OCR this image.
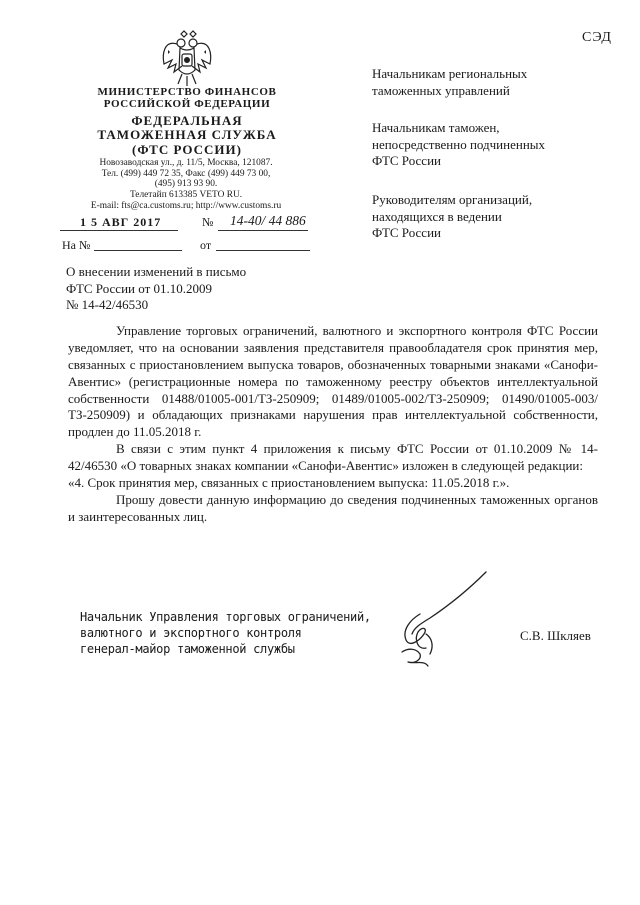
СЭД
МИНИСТЕРСТВО ФИНАНСОВ
РОССИЙСКОЙ ФЕДЕРАЦИИ
ФЕДЕРАЛЬНАЯ
ТАМОЖЕННАЯ СЛУЖБА
(ФТС РОССИИ)
Новозаводская ул., д. 11/5, Москва, 121087.
Тел. (499) 449 72 35, Факс (499) 449 73 00,
(495) 913 93 90.
Телетайп 613385 VETO RU.
E-mail: fts@ca.customs.ru; http://www.customs.ru
1 5 АВГ 2017	№ 14-40/ 44 886
На №	от
Начальникам региональных
таможенных управлений
Начальникам таможен,
непосредственно подчиненных
ФТС России
Руководителям организаций,
находящихся в ведении
ФТС России
О внесении изменений в письмо
ФТС России от 01.10.2009
№ 14-42/46530

Управление торговых ограничений, валютного и экспортного контроля ФТС России уведомляет, что на основании заявления представителя правообладателя срок принятия мер, связанных с приостановлением выпуска товаров, обозначенных товарными знаками «Санофи-Авентис» (регистрационные номера по таможенному реестру объектов интеллектуальной собственности 01488/01005-001/ТЗ-250909; 01489/01005-002/ТЗ-250909; 01490/01005-003/ТЗ-250909) и обладающих признаками нарушения прав интеллектуальной собственности, продлен до 11.05.2018 г.

В связи с этим пункт 4 приложения к письму ФТС России от 01.10.2009 № 14-42/46530 «О товарных знаках компании «Санофи-Авентис» изложен в следующей редакции:

«4. Срок принятия мер, связанных с приостановлением выпуска: 11.05.2018 г.».

Прошу довести данную информацию до сведения подчиненных таможенных органов и заинтересованных лиц.

Начальник Управления торговых ограничений,
валютного и экспортного контроля
генерал-майор таможенной службы
С.В. Шкляев
